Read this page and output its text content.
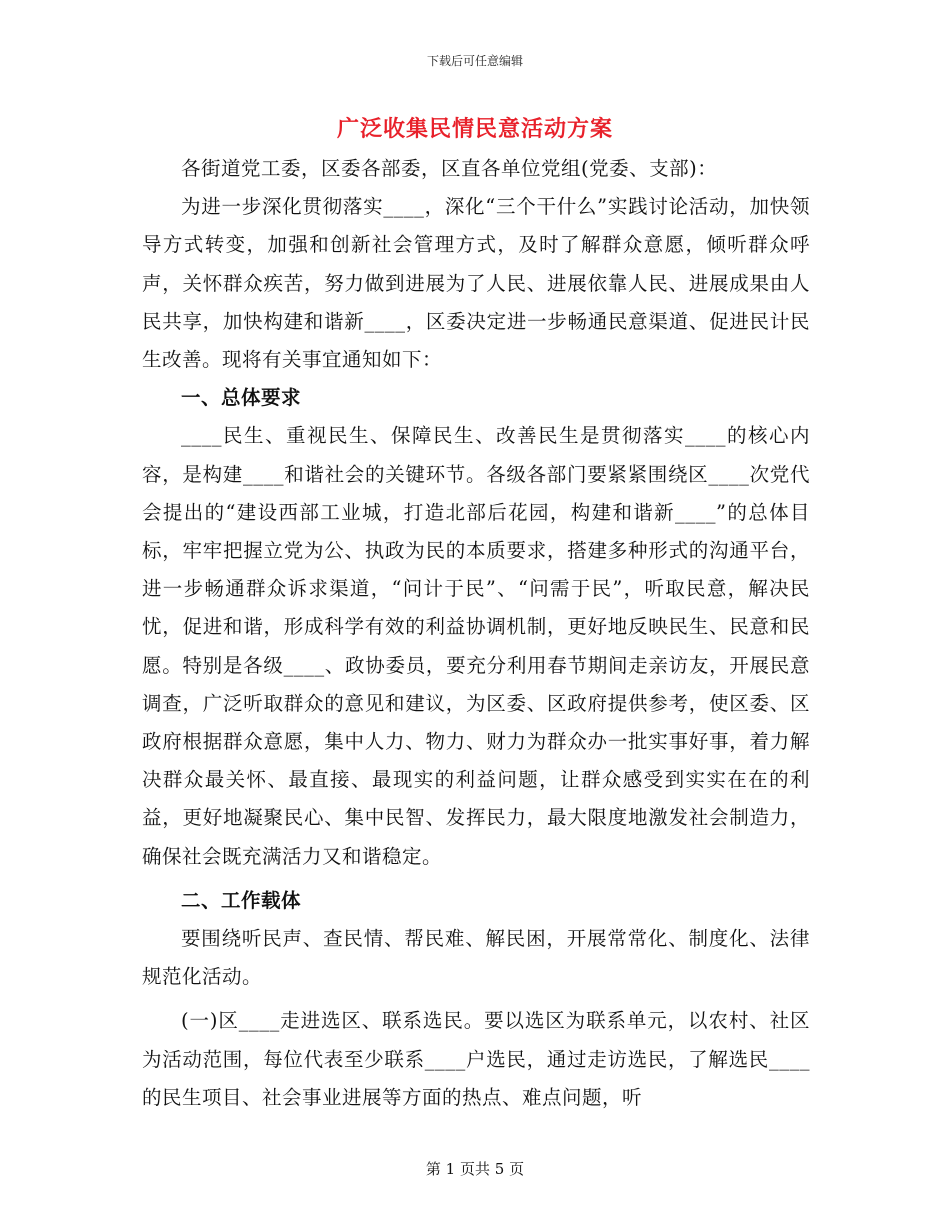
下载后可任意编辑
广泛收集民情民意活动方案

各街道党工委，区委各部委，区直各单位党组(党委、支部)：

为进一步深化贯彻落实____，深化“三个干什么”实践讨论活动，加快领导方式转变，加强和创新社会管理方式，及时了解群众意愿，倾听群众呼声，关怀群众疾苦，努力做到进展为了人民、进展依靠人民、进展成果由人民共享，加快构建和谐新____，区委决定进一步畅通民意渠道、促进民计民生改善。现将有关事宜通知如下：

一、总体要求

____民生、重视民生、保障民生、改善民生是贯彻落实____的核心内容，是构建____和谐社会的关键环节。各级各部门要紧紧围绕区____次党代会提出的“建设西部工业城，打造北部后花园，构建和谐新____”的总体目标，牢牢把握立党为公、执政为民的本质要求，搭建多种形式的沟通平台，进一步畅通群众诉求渠道，“问计于民”、“问需于民”，听取民意，解决民忧，促进和谐，形成科学有效的利益协调机制，更好地反映民生、民意和民愿。特别是各级____、政协委员，要充分利用春节期间走亲访友，开展民意调查，广泛听取群众的意见和建议，为区委、区政府提供参考，使区委、区政府根据群众意愿，集中人力、物力、财力为群众办一批实事好事，着力解决群众最关怀、最直接、最现实的利益问题，让群众感受到实实在在的利益，更好地凝聚民心、集中民智、发挥民力，最大限度地激发社会制造力，确保社会既充满活力又和谐稳定。

二、工作载体

要围绕听民声、查民情、帮民难、解民困，开展常常化、制度化、法律规范化活动。

(一)区____走进选区、联系选民。要以选区为联系单元，以农村、社区为活动范围，每位代表至少联系____户选民，通过走访选民，了解选民____的民生项目、社会事业进展等方面的热点、难点问题，听

第 1 页共 5 页
